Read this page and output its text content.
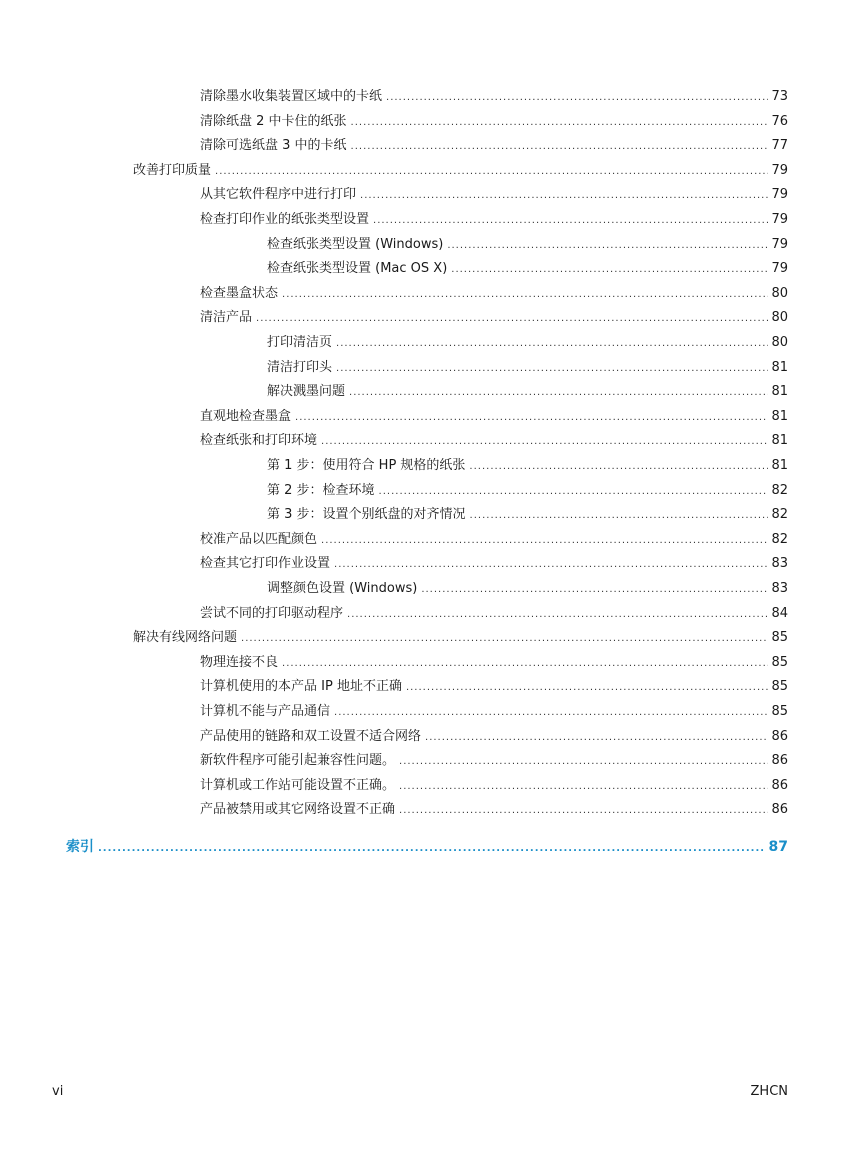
清除墨水收集装置区域中的卡纸 .....	73
清除纸盘 2 中卡住的纸张 .....	76
清除可选纸盘 3 中的卡纸 .....	77
改善打印质量 .....	79
从其它软件程序中进行打印 .....	79
检查打印作业的纸张类型设置 .....	79
检查纸张类型设置 (Windows) .....	79
检查纸张类型设置 (Mac OS X) .....	79
检查墨盒状态 .....	80
清洁产品 .....	80
打印清洁页 .....	80
清洁打印头 .....	81
解决溅墨问题 .....	81
直观地检查墨盒 .....	81
检查纸张和打印环境 .....	81
第 1 步：使用符合 HP 规格的纸张 .....	81
第 2 步：检查环境 .....	82
第 3 步：设置个别纸盘的对齐情况 .....	82
校准产品以匹配颜色 .....	82
检查其它打印作业设置 .....	83
调整颜色设置 (Windows) .....	83
尝试不同的打印驱动程序 .....	84
解决有线网络问题 .....	85
物理连接不良 .....	85
计算机使用的本产品 IP 地址不正确 .....	85
计算机不能与产品通信 .....	85
产品使用的链路和双工设置不适合网络 .....	86
新软件程序可能引起兼容性问题。 .....	86
计算机或工作站可能设置不正确。 .....	86
产品被禁用或其它网络设置不正确 .....	86
索引 .....	87
vi	ZHCN
